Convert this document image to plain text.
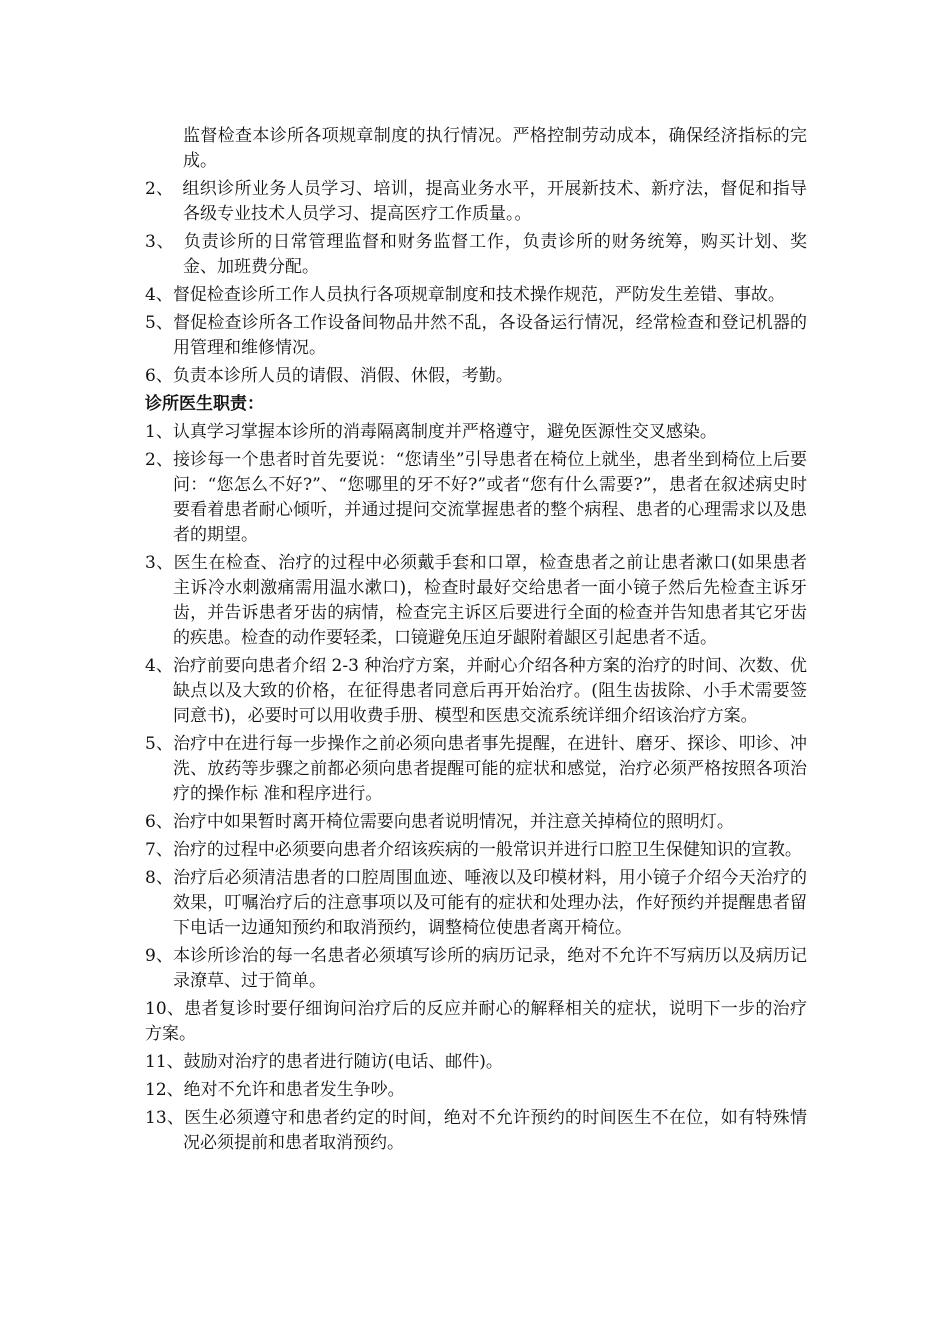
监督检查本诊所各项规章制度的执行情况。严格控制劳动成本，确保经济指标的完成。
2、 组织诊所业务人员学习、培训，提高业务水平，开展新技术、新疗法，督促和指导各级专业技术人员学习、提高医疗工作质量。。
3、 负责诊所的日常管理监督和财务监督工作，负责诊所的财务统筹，购买计划、奖金、加班费分配。
4、督促检查诊所工作人员执行各项规章制度和技术操作规范，严防发生差错、事故。
5、督促检查诊所各工作设备间物品井然不乱，各设备运行情况，经常检查和登记机器的用管理和维修情况。
6、负责本诊所人员的请假、消假、休假，考勤。
诊所医生职责：
1、认真学习掌握本诊所的消毒隔离制度并严格遵守，避免医源性交叉感染。
2、接诊每一个患者时首先要说：“您请坐”引导患者在椅位上就坐，患者坐到椅位上后要问：“您怎么不好?”、“您哪里的牙不好?”或者“您有什么需要?”，患者在叙述病史时要看着患者耐心倾听，并通过提问交流掌握患者的整个病程、患者的心理需求以及患者的期望。
3、医生在检查、治疗的过程中必须戴手套和口罩，检查患者之前让患者漱口(如果患者主诉冷水刺激痛需用温水漱口)，检查时最好交给患者一面小镜子然后先检查主诉牙齿，并告诉患者牙齿的病情，检查完主诉区后要进行全面的检查并告知患者其它牙齿的疾患。检查的动作要轻柔，口镜避免压迫牙龈附着龈区引起患者不适。
4、治疗前要向患者介绍 2-3 种治疗方案，并耐心介绍各种方案的治疗的时间、次数、优缺点以及大致的价格，在征得患者同意后再开始治疗。(阻生齿拔除、小手术需要签同意书)，必要时可以用收费手册、模型和医患交流系统详细介绍该治疗方案。
5、治疗中在进行每一步操作之前必须向患者事先提醒，在进针、磨牙、探诊、叩诊、冲洗、放药等步骤之前都必须向患者提醒可能的症状和感觉，治疗必须严格按照各项治疗的操作标 准和程序进行。
6、治疗中如果暂时离开椅位需要向患者说明情况，并注意关掉椅位的照明灯。
7、治疗的过程中必须要向患者介绍该疾病的一般常识并进行口腔卫生保健知识的宣教。
8、治疗后必须清洁患者的口腔周围血迹、唾液以及印模材料，用小镜子介绍今天治疗的效果，叮嘱治疗后的注意事项以及可能有的症状和处理办法，作好预约并提醒患者留下电话一边通知预约和取消预约，调整椅位使患者离开椅位。
9、本诊所诊治的每一名患者必须填写诊所的病历记录，绝对不允许不写病历以及病历记录潦草、过于简单。
10、患者复诊时要仔细询问治疗后的反应并耐心的解释相关的症状，说明下一步的治疗方案。
11、鼓励对治疗的患者进行随访(电话、邮件)。
12、绝对不允许和患者发生争吵。
13、医生必须遵守和患者约定的时间，绝对不允许预约的时间医生不在位，如有特殊情况必须提前和患者取消预约。
